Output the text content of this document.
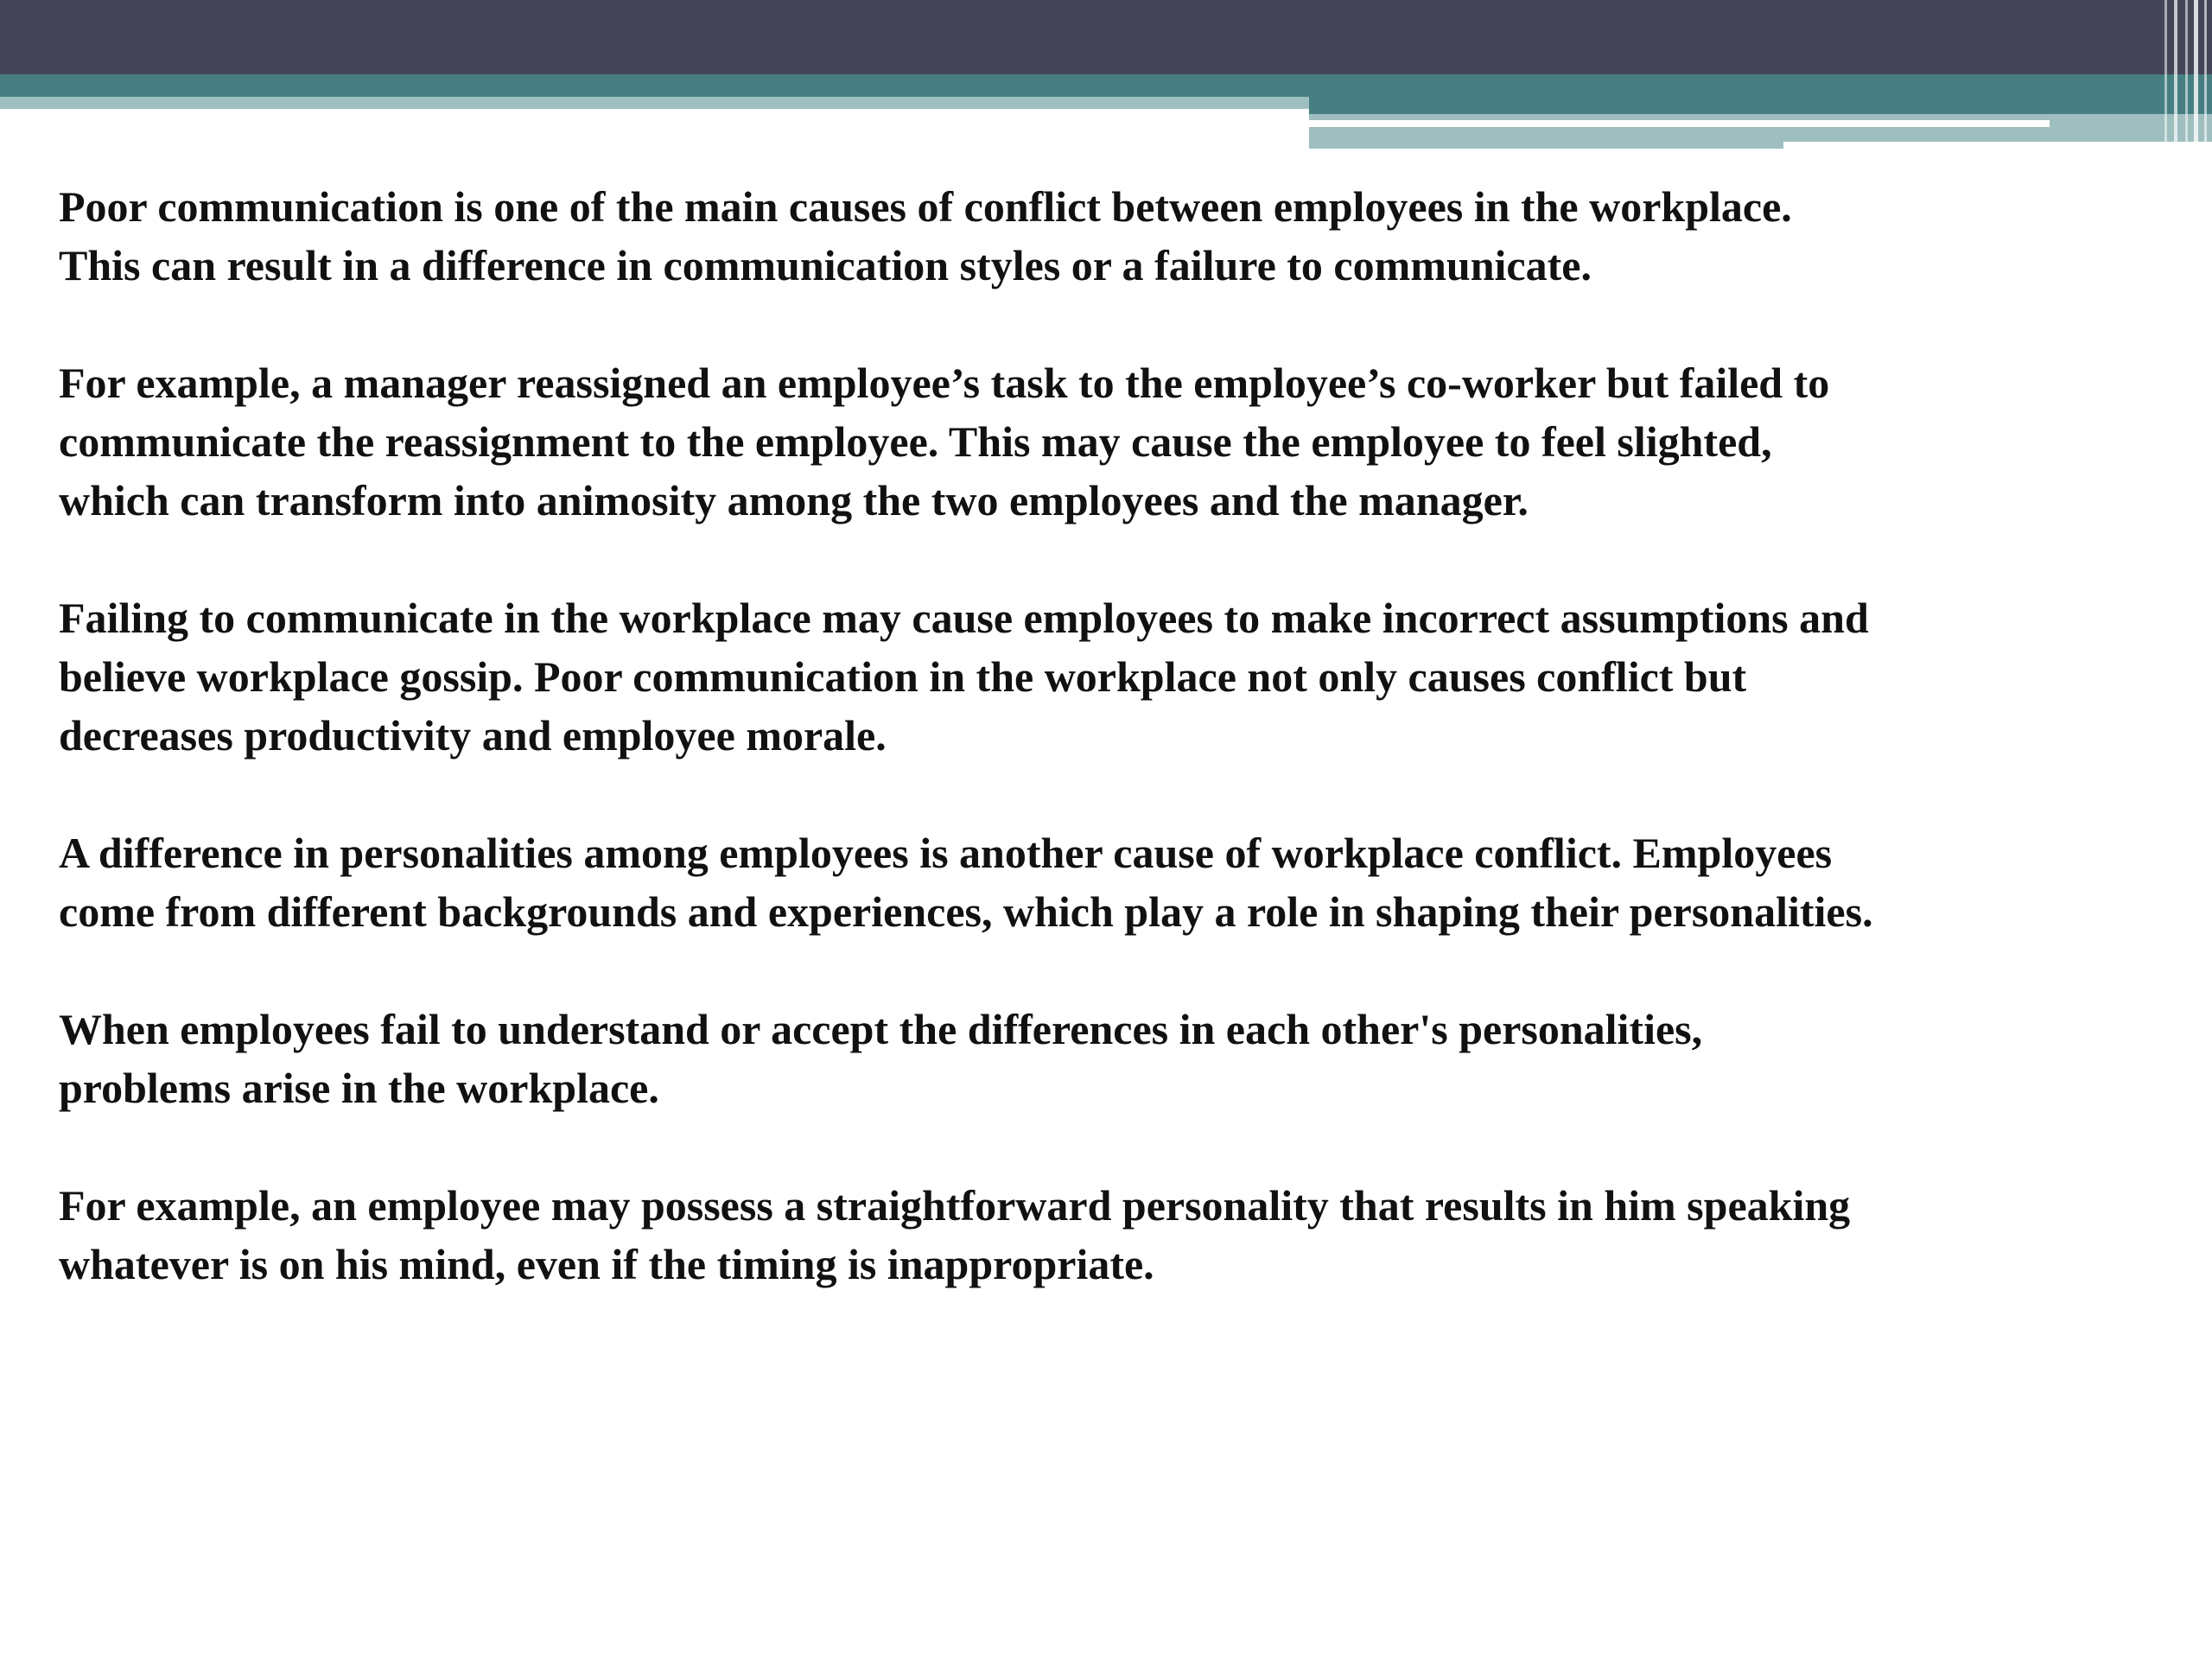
Poor communication is one of the main causes of conflict between employees in the workplace.
This can result in a difference in communication styles or a failure to communicate.

For example, a manager reassigned an employee’s task to the employee’s co-worker but failed to
communicate the reassignment to the employee. This may cause the employee to feel slighted,
which can transform into animosity among the two employees and the manager.

Failing to communicate in the workplace may cause employees to make incorrect assumptions and
believe workplace gossip. Poor communication in the workplace not only causes conflict but
decreases productivity and employee morale.

A difference in personalities among employees is another cause of workplace conflict. Employees
come from different backgrounds and experiences, which play a role in shaping their personalities.

When employees fail to understand or accept the differences in each other's personalities,
problems arise in the workplace.

For example, an employee may possess a straightforward personality that results in him speaking
whatever is on his mind, even if the timing is inappropriate.
